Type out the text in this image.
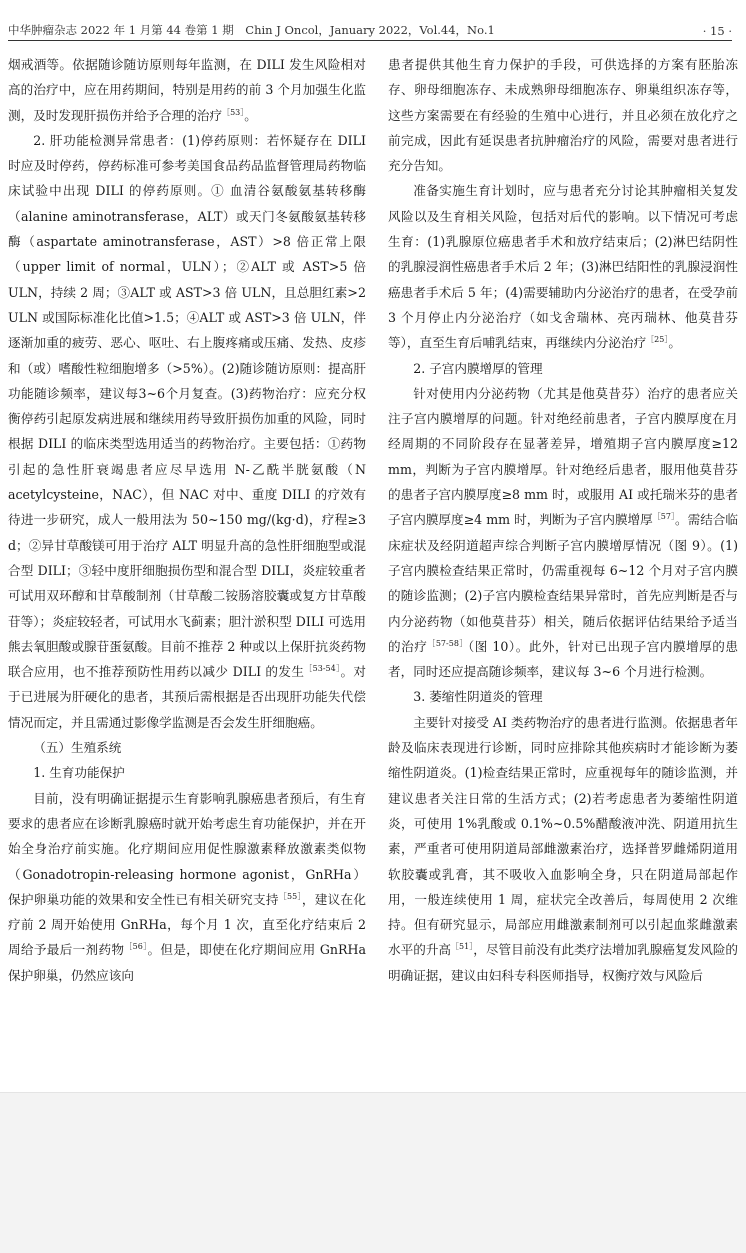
中华肿瘤杂志 2022 年 1 月第 44 卷第 1 期　Chin J Oncol，January 2022，Vol.44，No.1	· 15 ·

烟戒酒等。依据随诊随访原则每年监测，在 DILI 发生风险相对高的治疗中，应在用药期间，特别是用药的前 3 个月加强生化监测，及时发现肝损伤并给予合理的治疗$^{[53]}$。

2. 肝功能检测异常患者：(1)停药原则：若怀疑存在 DILI 时应及时停药，停药标准可参考美国食品药品监督管理局药物临床试验中出现 DILI 的停药原则。① 血清谷氨酸氨基转移酶（alanine aminotransferase，ALT）或天门冬氨酸氨基转移酶（aspartate aminotransferase，AST）>8 倍正常上限（upper limit of normal，ULN）；②ALT 或 AST>5 倍 ULN，持续 2 周；③ALT 或 AST>3 倍 ULN，且总胆红素>2 ULN 或国际标准化比值>1.5；④ALT 或 AST>3 倍 ULN，伴逐渐加重的疲劳、恶心、呕吐、右上腹疼痛或压痛、发热、皮疹和（或）嗜酸性粒细胞增多（>5%）。(2)随诊随访原则：提高肝功能随诊频率，建议每3~6个月复查。(3)药物治疗：应充分权衡停药引起原发病进展和继续用药导致肝损伤加重的风险，同时根据 DILI 的临床类型选用适当的药物治疗。主要包括：①药物引起的急性肝衰竭患者应尽早选用 N-乙酰半胱氨酸（N acetylcysteine，NAC），但 NAC 对中、重度 DILI 的疗效有待进一步研究，成人一般用法为 50~150 mg/(kg·d)，疗程≥3 d；②异甘草酸镁可用于治疗 ALT 明显升高的急性肝细胞型或混合型 DILI；③轻中度肝细胞损伤型和混合型 DILI，炎症较重者可试用双环醇和甘草酸制剂（甘草酸二铵肠溶胶囊或复方甘草酸苷等）；炎症较轻者，可试用水飞蓟素；胆汁淤积型 DILI 可选用熊去氧胆酸或腺苷蛋氨酸。目前不推荐 2 种或以上保肝抗炎药物联合应用，也不推荐预防性用药以减少 DILI 的发生$^{[53-54]}$。对于已进展为肝硬化的患者，其预后需根据是否出现肝功能失代偿情况而定，并且需通过影像学监测是否会发生肝细胞癌。

（五）生殖系统
1. 生育功能保护

目前，没有明确证据提示生育影响乳腺癌患者预后，有生育要求的患者应在诊断乳腺癌时就开始考虑生育功能保护，并在开始全身治疗前实施。化疗期间应用促性腺激素释放激素类似物（Gonadotropin-releasing hormone agonist，GnRHa）保护卵巢功能的效果和安全性已有相关研究支持$^{[55]}$，建议在化疗前 2 周开始使用 GnRHa，每个月 1 次，直至化疗结束后 2 周给予最后一剂药物$^{[56]}$。但是，即使在化疗期间应用 GnRHa 保护卵巢，仍然应该向

患者提供其他生育力保护的手段，可供选择的方案有胚胎冻存、卵母细胞冻存、未成熟卵母细胞冻存、卵巢组织冻存等，这些方案需要在有经验的生殖中心进行，并且必须在放化疗之前完成，因此有延误患者抗肿瘤治疗的风险，需要对患者进行充分告知。

准备实施生育计划时，应与患者充分讨论其肿瘤相关复发风险以及生育相关风险，包括对后代的影响。以下情况可考虑生育：(1)乳腺原位癌患者手术和放疗结束后；(2)淋巴结阴性的乳腺浸润性癌患者手术后 2 年；(3)淋巴结阳性的乳腺浸润性癌患者手术后 5 年；(4)需要辅助内分泌治疗的患者，在受孕前 3 个月停止内分泌治疗（如戈舍瑞林、亮丙瑞林、他莫昔芬等），直至生育后哺乳结束，再继续内分泌治疗$^{[25]}$。

2. 子宫内膜增厚的管理

针对使用内分泌药物（尤其是他莫昔芬）治疗的患者应关注子宫内膜增厚的问题。针对绝经前患者，子宫内膜厚度在月经周期的不同阶段存在显著差异，增殖期子宫内膜厚度≥12 mm，判断为子宫内膜增厚。针对绝经后患者，服用他莫昔芬的患者子宫内膜厚度≥8 mm 时，或服用 AI 或托瑞米芬的患者子宫内膜厚度≥4 mm 时，判断为子宫内膜增厚$^{[57]}$。需结合临床症状及经阴道超声综合判断子宫内膜增厚情况（图 9）。(1)子宫内膜检查结果正常时，仍需重视每 6~12 个月对子宫内膜的随诊监测；(2)子宫内膜检查结果异常时，首先应判断是否与内分泌药物（如他莫昔芬）相关，随后依据评估结果给予适当的治疗$^{[57-58]}$（图 10）。此外，针对已出现子宫内膜增厚的患者，同时还应提高随诊频率，建议每 3~6 个月进行检测。

3. 萎缩性阴道炎的管理

主要针对接受 AI 类药物治疗的患者进行监测。依据患者年龄及临床表现进行诊断，同时应排除其他疾病时才能诊断为萎缩性阴道炎。(1)检查结果正常时，应重视每年的随诊监测，并建议患者关注日常的生活方式；(2)若考虑患者为萎缩性阴道炎，可使用 1%乳酸或 0.1%~0.5%醋酸液冲洗、阴道用抗生素，严重者可使用阴道局部雌激素治疗，选择普罗雌烯阴道用软胶囊或乳膏，其不吸收入血影响全身，只在阴道局部起作用，一般连续使用 1 周，症状完全改善后，每周使用 2 次维持。但有研究显示，局部应用雌激素制剂可以引起血浆雌激素水平的升高$^{[51]}$，尽管目前没有此类疗法增加乳腺癌复发风险的明确证据，建议由妇科专科医师指导，权衡疗效与风险后
